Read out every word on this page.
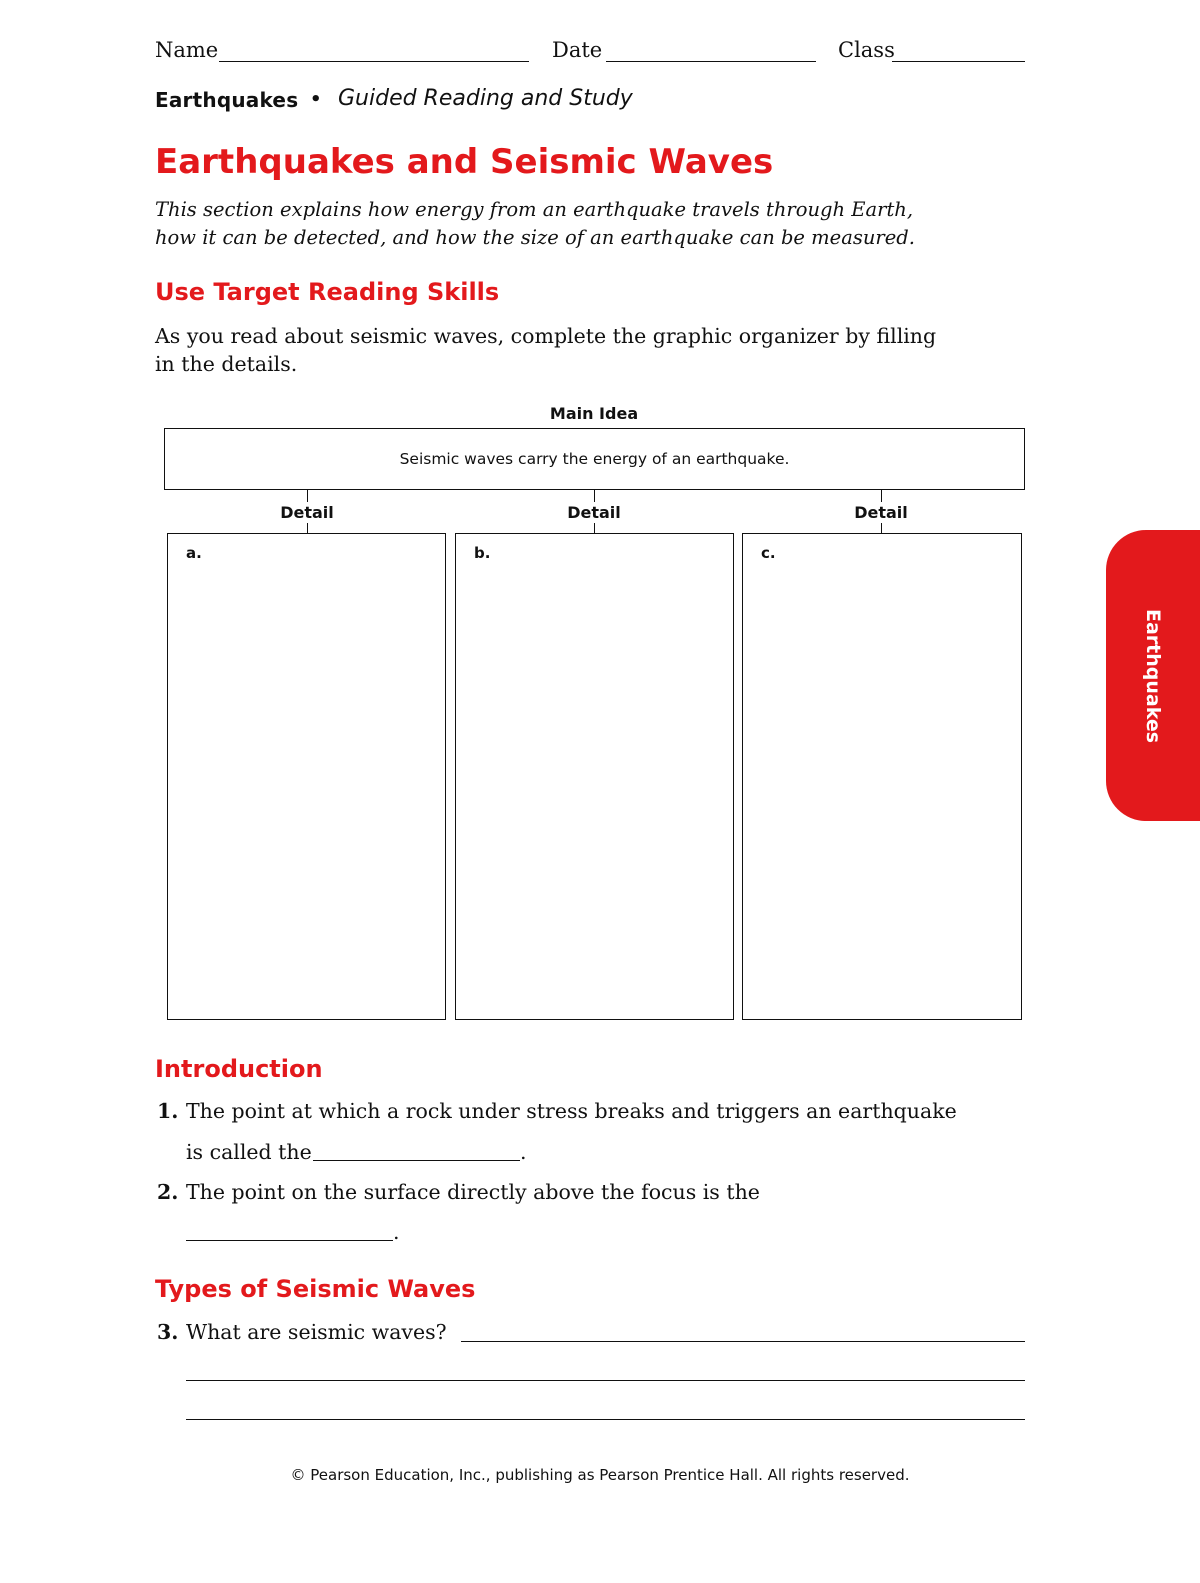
Name	Date	Class
Earthquakes • Guided Reading and Study
Earthquakes and Seismic Waves
This section explains how energy from an earthquake travels through Earth, how it can be detected, and how the size of an earthquake can be measured.
Use Target Reading Skills
As you read about seismic waves, complete the graphic organizer by filling in the details.
Main Idea
Seismic waves carry the energy of an earthquake.
Detail	Detail	Detail
a.	b.	c.
Introduction
1. The point at which a rock under stress breaks and triggers an earthquake
is called the	.
2. The point on the surface directly above the focus is the
.
Types of Seismic Waves
3. What are seismic waves?
Earthquakes
© Pearson Education, Inc., publishing as Pearson Prentice Hall. All rights reserved.
